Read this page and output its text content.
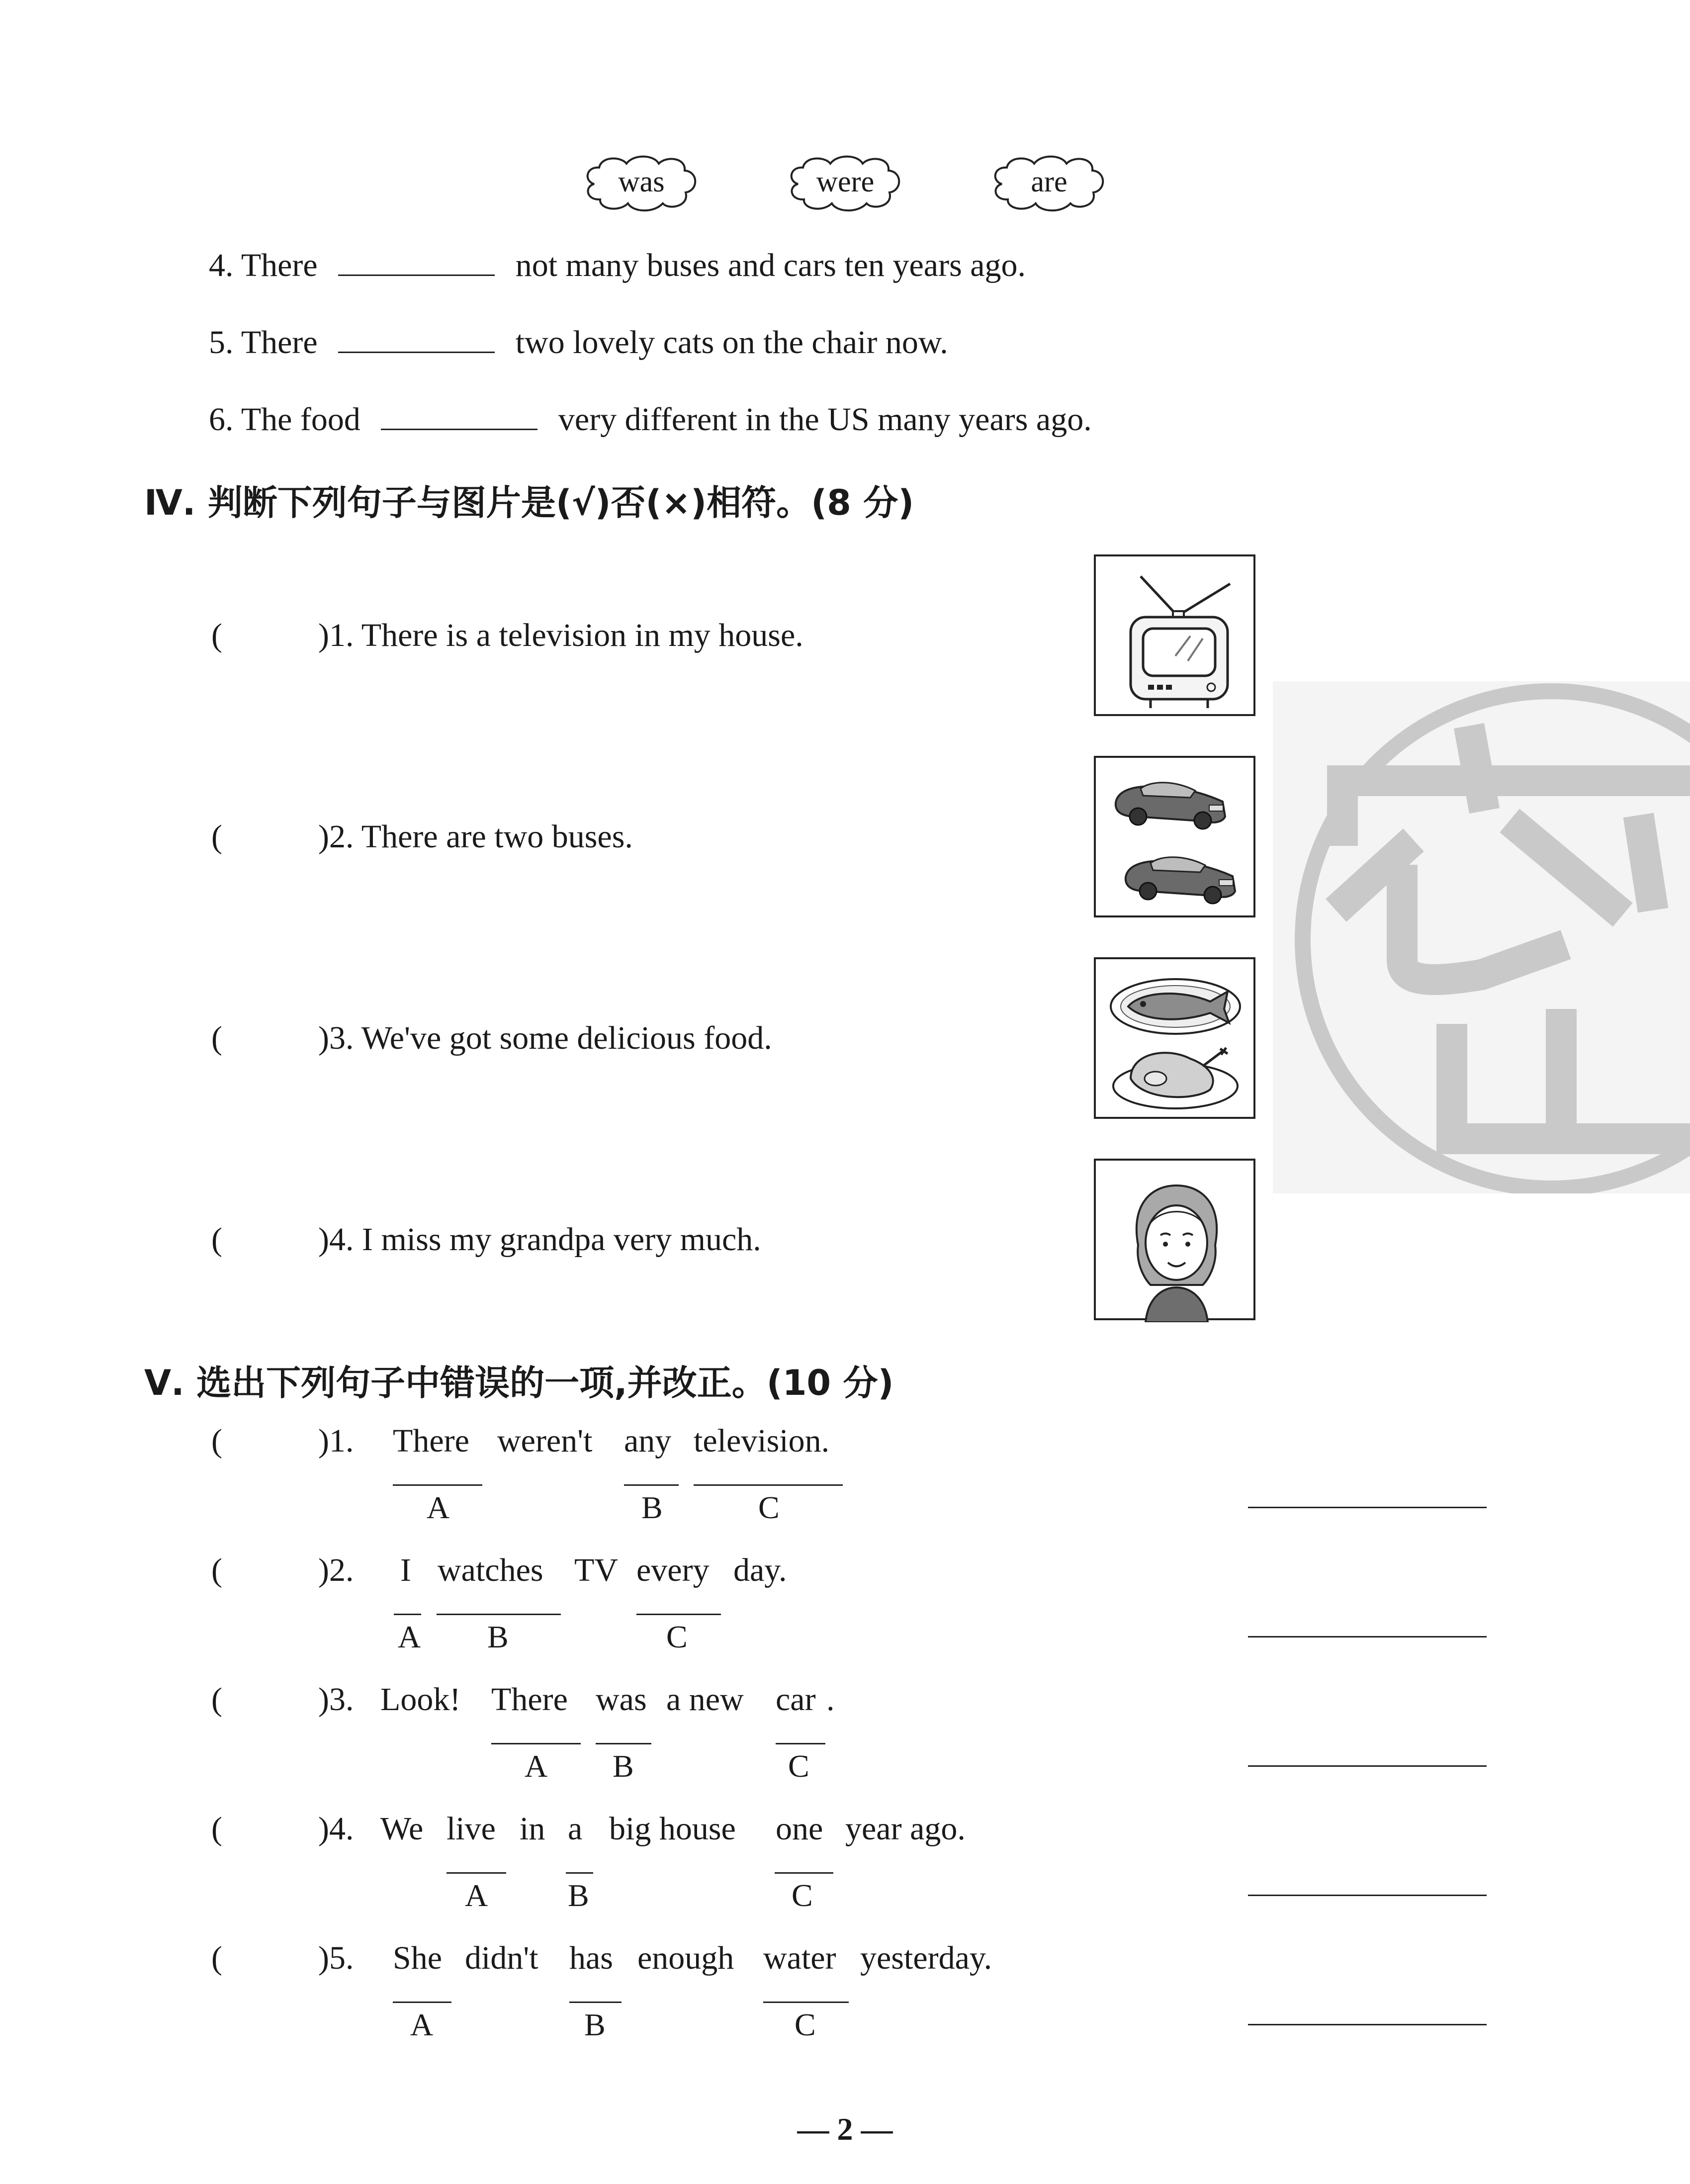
was	were	are
4. There	not many buses and cars ten years ago.
5. There	two lovely cats on the chair now.
6. The food	very different in the US many years ago.
Ⅳ. 判断下列句子与图片是(√)否(×)相符。(8 分)
(	)1. There is a television in my house.
(	)2. There are two buses.
(	)3. We've got some delicious food.
(	)4. I miss my grandpa very much.
Ⅴ. 选出下列句子中错误的一项,并改正。(10 分)
(	)1. There weren't any television.
A	B	C
(	)2. I watches TV every day.
A B	C
(	)3. Look! There was a new car .
A B	C
(	)4. We live in a big house one year ago.
A	B	C
(	)5. She didn't has enough water yesterday.
A	B	C
— 2 —
